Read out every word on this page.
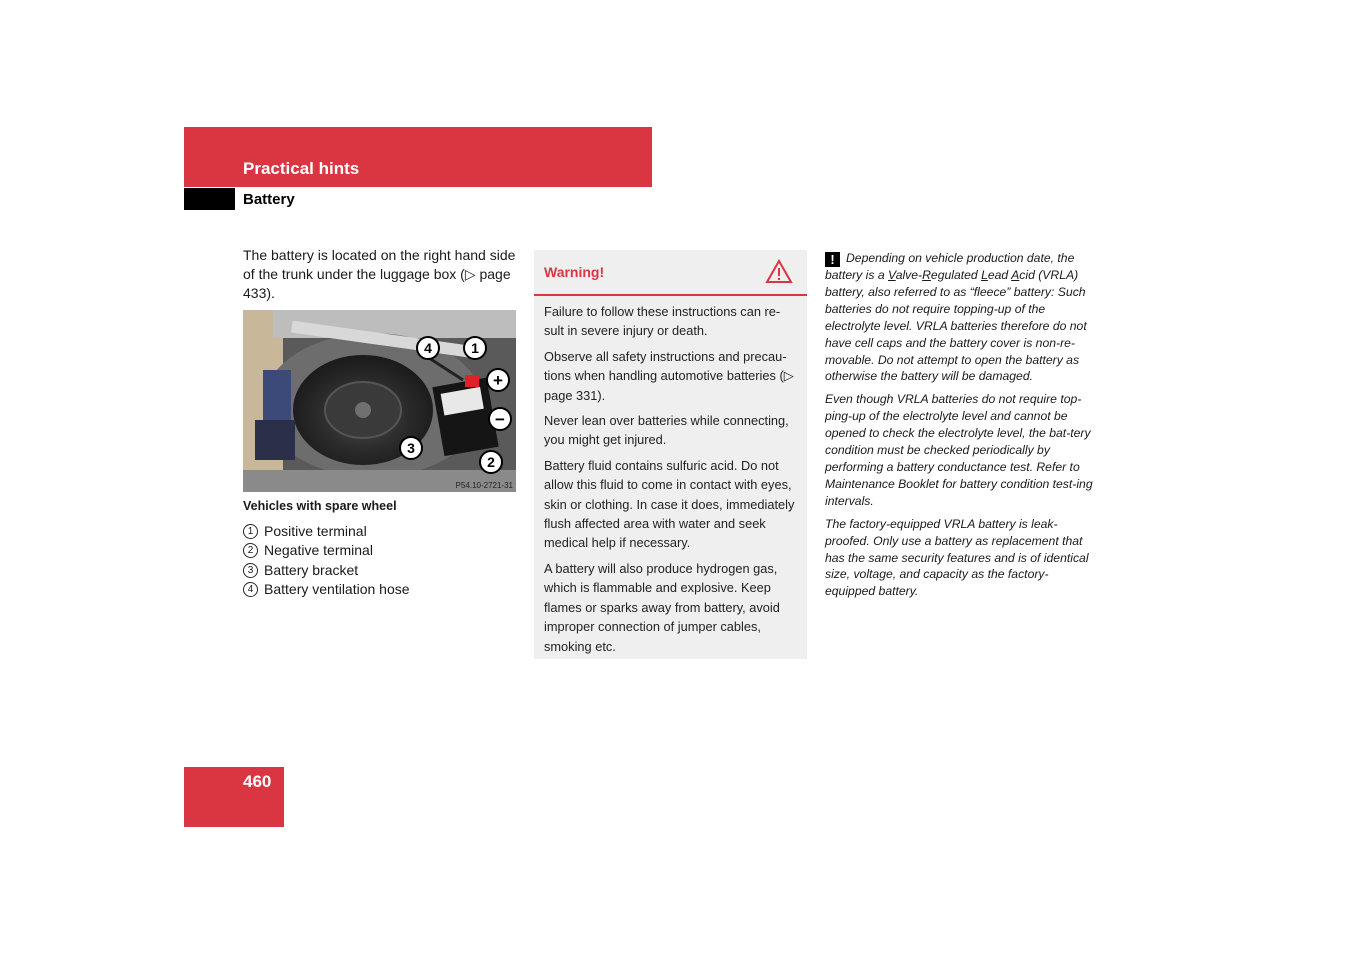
Practical hints
Battery

The battery is located on the right hand side of the trunk under the luggage box (▷ page 433).

4	1
+
−
3
2
P54.10-2721-31
Vehicles with spare wheel
1 Positive terminal
2 Negative terminal
3 Battery bracket
4 Battery ventilation hose
Warning!

Failure to follow these instructions can re-sult in severe injury or death.

Observe all safety instructions and precau-tions when handling automotive batteries (▷ page 331).

Never lean over batteries while connecting, you might get injured.

Battery fluid contains sulfuric acid. Do not allow this fluid to come in contact with eyes, skin or clothing. In case it does, immediately flush affected area with water and seek medical help if necessary.

A battery will also produce hydrogen gas, which is flammable and explosive. Keep flames or sparks away from battery, avoid improper connection of jumper cables, smoking etc.

! Depending on vehicle production date, the battery is a Valve-Regulated Lead Acid (VRLA) battery, also referred to as “fleece” battery: Such batteries do not require topping-up of the electrolyte level. VRLA batteries therefore do not have cell caps and the battery cover is non-re-movable. Do not attempt to open the battery as otherwise the battery will be damaged.

Even though VRLA batteries do not require top-ping-up of the electrolyte level and cannot be opened to check the electrolyte level, the bat-tery condition must be checked periodically by performing a battery conductance test. Refer to Maintenance Booklet for battery condition test-ing intervals.

The factory-equipped VRLA battery is leak-proofed. Only use a battery as replacement that has the same security features and is of identical size, voltage, and capacity as the factory-equipped battery.

460
